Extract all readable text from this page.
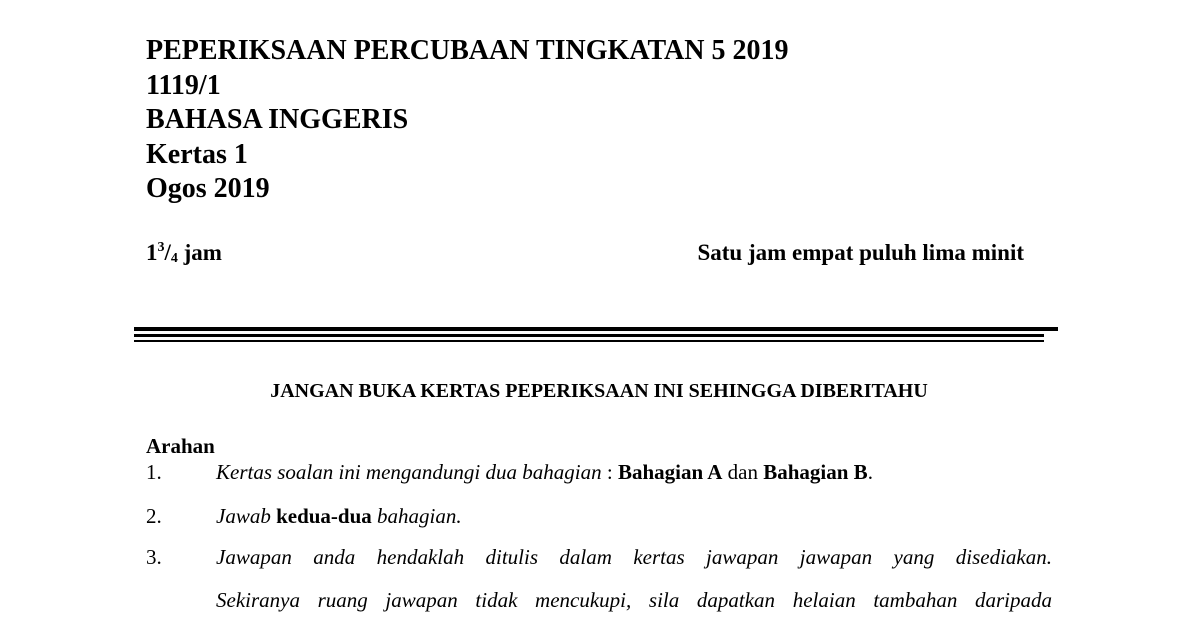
PEPERIKSAAN PERCUBAAN TINGKATAN 5 2019
1119/1
BAHASA INGGERIS
Kertas 1
Ogos 2019
$1^3/4$ jam	Satu jam empat puluh lima minit
JANGAN BUKA KERTAS PEPERIKSAAN INI SEHINGGA DIBERITAHU
Arahan
1.	Kertas soalan ini mengandungi dua bahagian : Bahagian A dan Bahagian B.
2.	Jawab kedua-dua bahagian.
3.	Jawapan anda hendaklah ditulis dalam kertas jawapan jawapan yang disediakan.
Sekiranya ruang jawapan tidak mencukupi, sila dapatkan helaian tambahan daripada
